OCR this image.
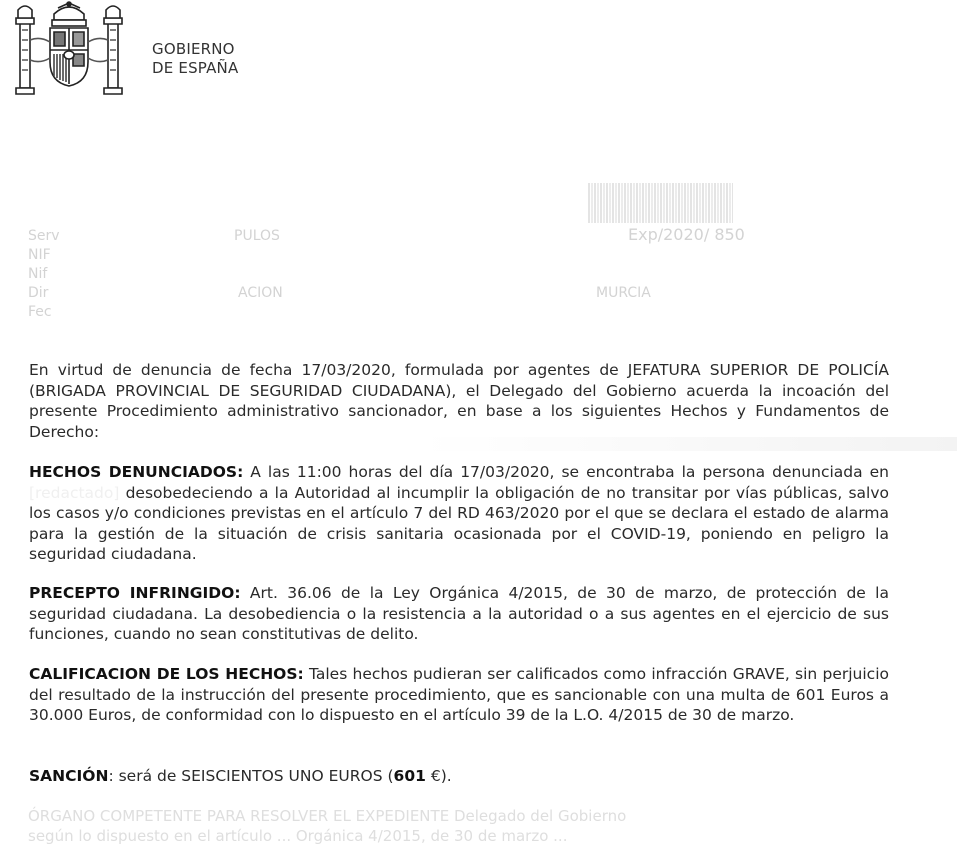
GOBIERNO
DE ESPAÑA
Serv	PULOS	Exp/2020/ 850
NIF
Nif
Dir	ACION	MURCIA
Fec
En virtud de denuncia de fecha 17/03/2020, formulada por agentes de JEFATURA SUPERIOR DE POLICÍA (BRIGADA PROVINCIAL DE SEGURIDAD CIUDADANA), el Delegado del Gobierno acuerda la incoación del presente Procedimiento administrativo sancionador, en base a los siguientes Hechos y Fundamentos de Derecho:
HECHOS DENUNCIADOS: A las 11:00 horas del día 17/03/2020, se encontraba la persona denunciada en [redactado] desobedeciendo a la Autoridad al incumplir la obligación de no transitar por vías públicas, salvo los casos y/o condiciones previstas en el artículo 7 del RD 463/2020 por el que se declara el estado de alarma para la gestión de la situación de crisis sanitaria ocasionada por el COVID-19, poniendo en peligro la seguridad ciudadana.
PRECEPTO INFRINGIDO: Art. 36.06 de la Ley Orgánica 4/2015, de 30 de marzo, de protección de la seguridad ciudadana. La desobediencia o la resistencia a la autoridad o a sus agentes en el ejercicio de sus funciones, cuando no sean constitutivas de delito.
CALIFICACION DE LOS HECHOS: Tales hechos pudieran ser calificados como infracción GRAVE, sin perjuicio del resultado de la instrucción del presente procedimiento, que es sancionable con una multa de 601 Euros a 30.000 Euros, de conformidad con lo dispuesto en el artículo 39 de la L.O. 4/2015 de 30 de marzo.
SANCIÓN: será de SEISCIENTOS UNO EUROS (601 €).
ÓRGANO COMPETENTE PARA RESOLVER EL EXPEDIENTE Delegado del Gobierno
según lo dispuesto en el artículo ... Orgánica 4/2015, de 30 de marzo ...
